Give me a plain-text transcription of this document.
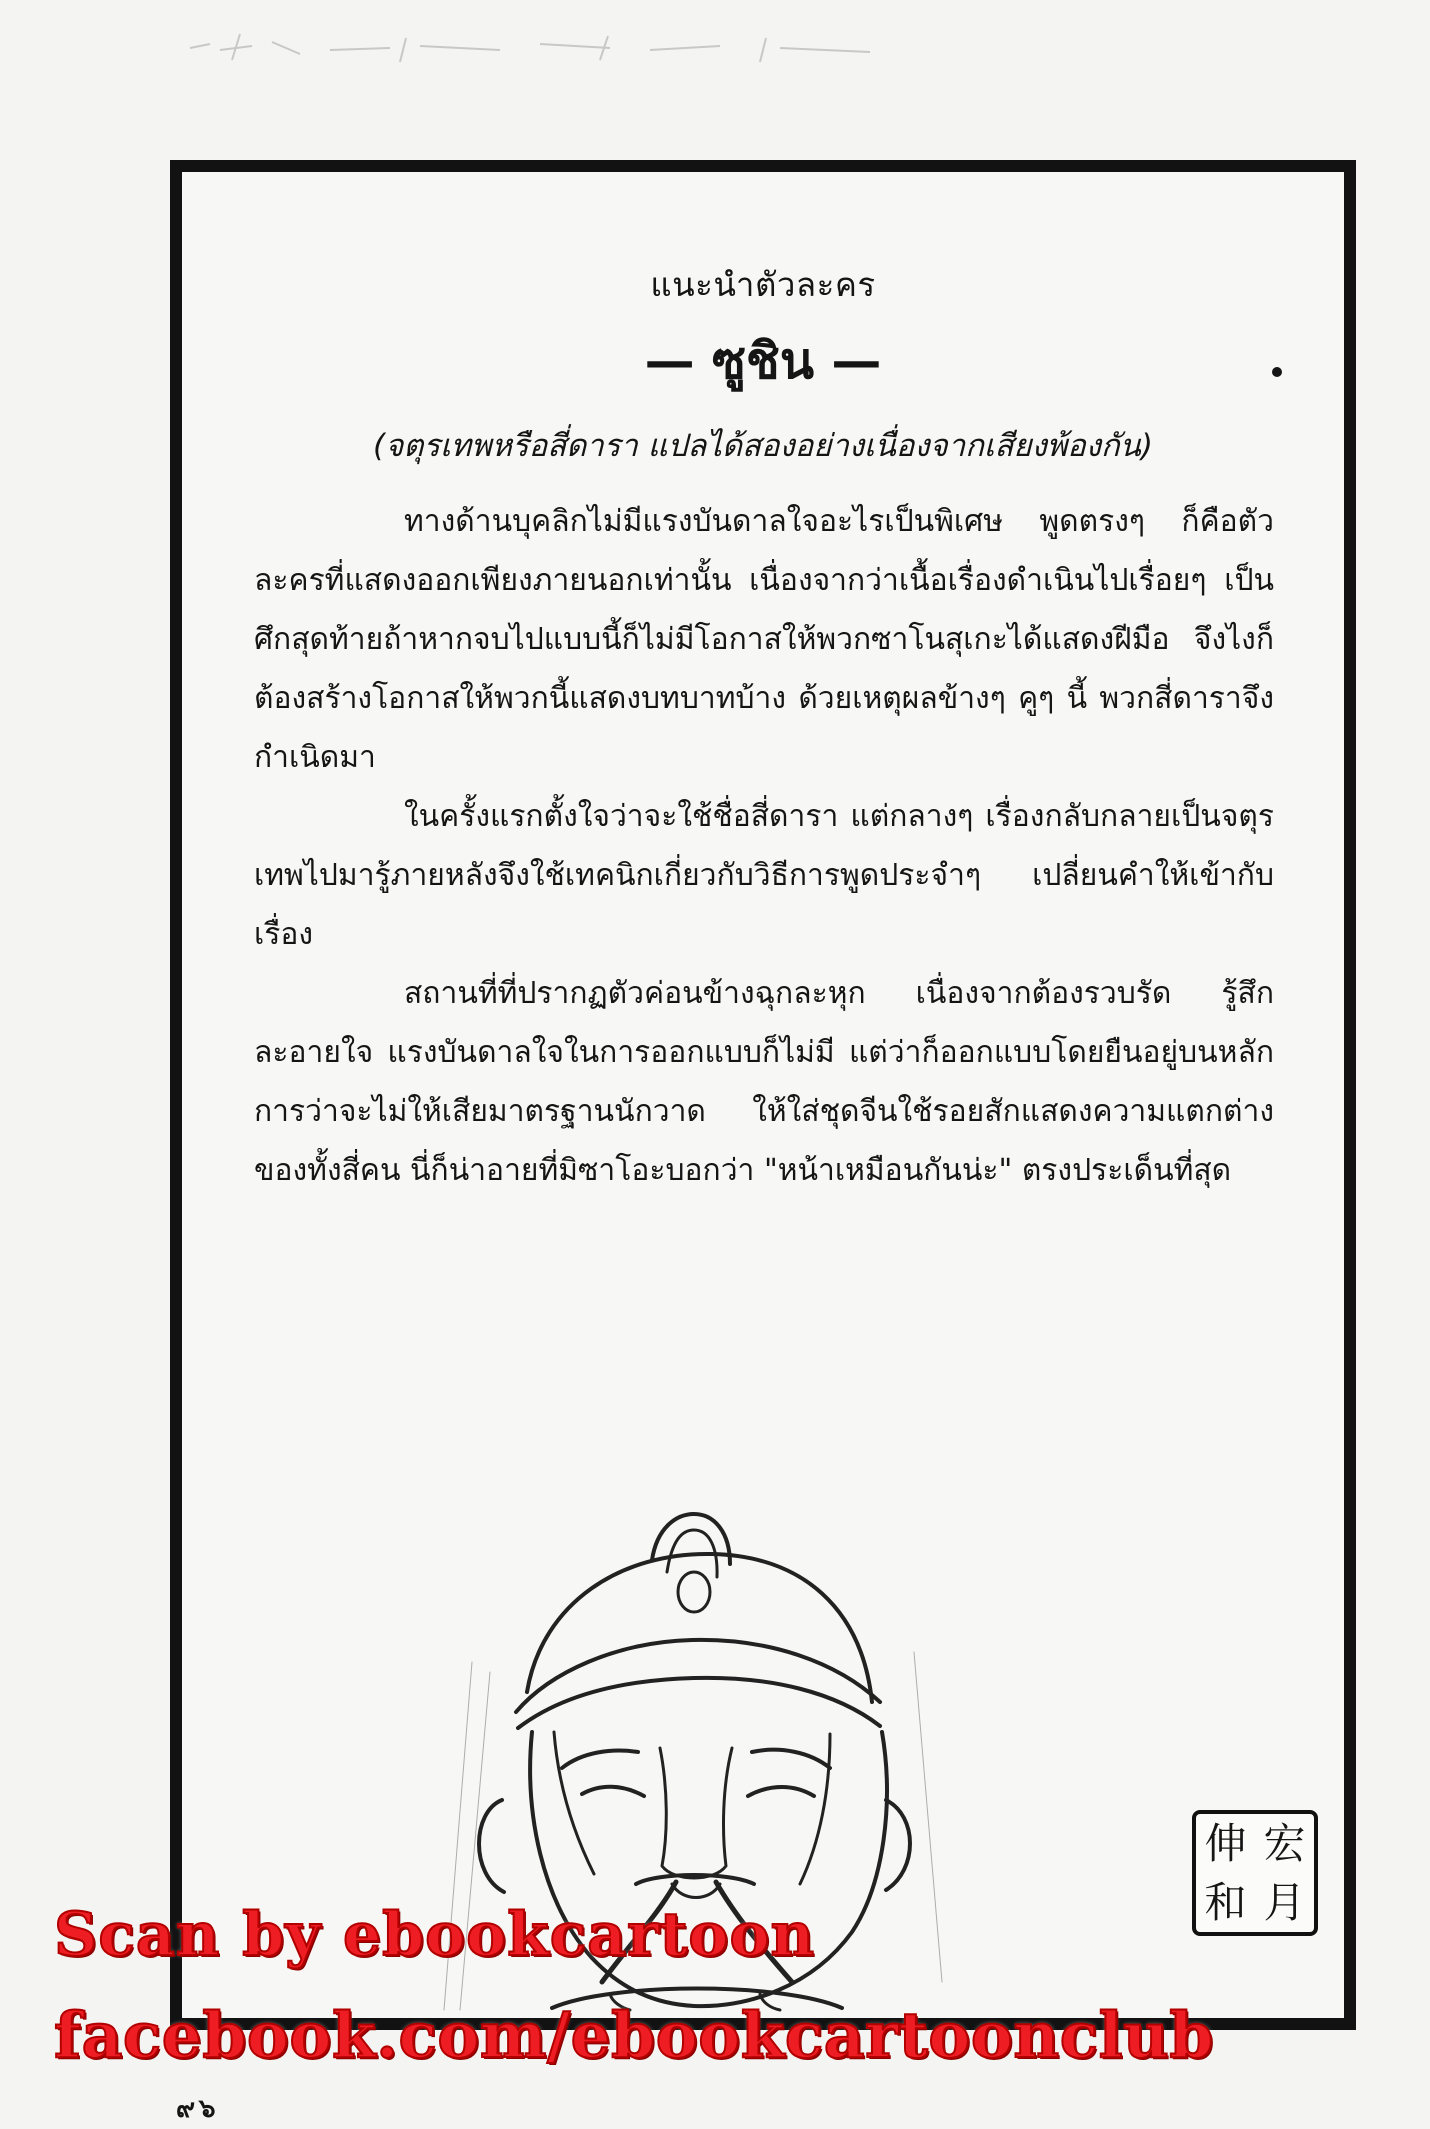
แนะนำตัวละคร
— ซูชิน —
(จตุรเทพหรือสี่ดารา แปลได้สองอย่างเนื่องจากเสียงพ้องกัน)

ทางด้านบุคลิกไม่มีแรงบันดาลใจอะไรเป็นพิเศษ พูดตรงๆ ก็คือตัวละครที่แสดงออกเพียงภายนอกเท่านั้น เนื่องจากว่าเนื้อเรื่องดำเนินไปเรื่อยๆ เป็นศึกสุดท้ายถ้าหากจบไปแบบนี้ก็ไม่มีโอกาสให้พวกซาโนสุเกะได้แสดงฝีมือ จึงไงก็ต้องสร้างโอกาสให้พวกนี้แสดงบทบาทบ้าง ด้วยเหตุผลข้างๆ คูๆ นี้ พวกสี่ดาราจึงกำเนิดมา

ในครั้งแรกตั้งใจว่าจะใช้ชื่อสี่ดารา แต่กลางๆ เรื่องกลับกลายเป็นจตุรเทพไปมารู้ภายหลังจึงใช้เทคนิกเกี่ยวกับวิธีการพูดประจำๆ เปลี่ยนคำให้เข้ากับเรื่อง

สถานที่ที่ปรากฏตัวค่อนข้างฉุกละหุก เนื่องจากต้องรวบรัด รู้สึกละอายใจ แรงบันดาลใจในการออกแบบก็ไม่มี แต่ว่าก็ออกแบบโดยยืนอยู่บนหลักการว่าจะไม่ให้เสียมาตรฐานนักวาด ให้ใส่ชุดจีนใช้รอยสักแสดงความแตกต่างของทั้งสี่คน นี่ก็น่าอายที่มิซาโอะบอกว่า "หน้าเหมือนกันน่ะ" ตรงประเด็นที่สุด

伸 宏
和 月
Scan by ebookcartoon
facebook.com/ebookcartoonclub
๙๖
